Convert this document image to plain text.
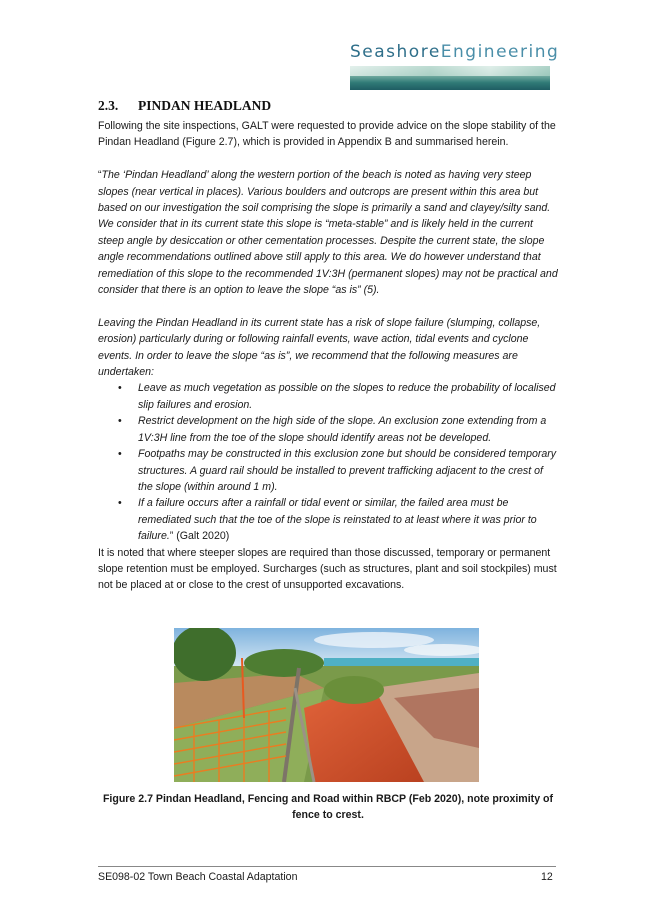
SeashoreEngineering
2.3. PINDAN HEADLAND

Following the site inspections, GALT were requested to provide advice on the slope stability of the Pindan Headland (Figure 2.7), which is provided in Appendix B and summarised herein.

“The ‘Pindan Headland’ along the western portion of the beach is noted as having very steep slopes (near vertical in places). Various boulders and outcrops are present within this area but based on our investigation the soil comprising the slope is primarily a sand and clayey/silty sand. We consider that in its current state this slope is “meta-stable” and is likely held in the current steep angle by desiccation or other cementation processes. Despite the current state, the slope angle recommendations outlined above still apply to this area. We do however understand that remediation of this slope to the recommended 1V:3H (permanent slopes) may not be practical and consider that there is an option to leave the slope “as is” (5).

Leaving the Pindan Headland in its current state has a risk of slope failure (slumping, collapse, erosion) particularly during or following rainfall events, wave action, tidal events and cyclone events. In order to leave the slope “as is”, we recommend that the following measures are undertaken:

• Leave as much vegetation as possible on the slopes to reduce the probability of localised slip failures and erosion.
• Restrict development on the high side of the slope. An exclusion zone extending from a 1V:3H line from the toe of the slope should identify areas not be developed.
• Footpaths may be constructed in this exclusion zone but should be considered temporary structures. A guard rail should be installed to prevent trafficking adjacent to the crest of the slope (within around 1 m).
• If a failure occurs after a rainfall or tidal event or similar, the failed area must be remediated such that the toe of the slope is reinstated to at least where it was prior to failure.” (Galt 2020)

It is noted that where steeper slopes are required than those discussed, temporary or permanent slope retention must be employed. Surcharges (such as structures, plant and soil stockpiles) must not be placed at or close to the crest of unsupported excavations.

Figure 2.7 Pindan Headland, Fencing and Road within RBCP (Feb 2020), note proximity of fence to crest.
SE098-02 Town Beach Coastal Adaptation	12
